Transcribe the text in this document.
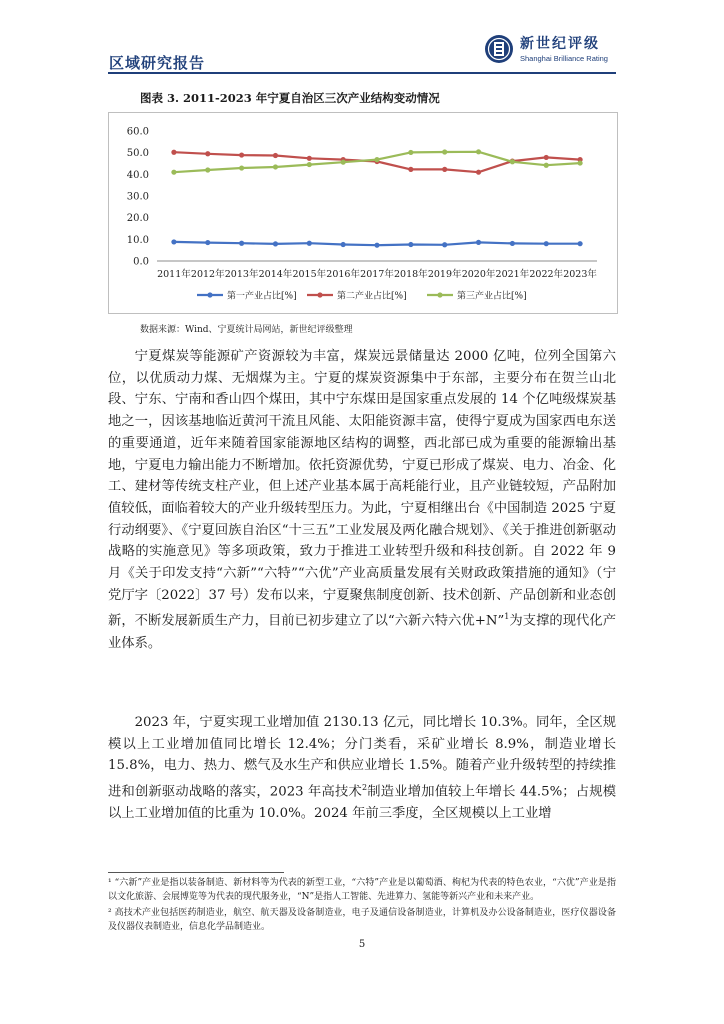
区域研究报告
新世纪评级
Shanghai Brilliance Rating
图表 3. 2011-2023 年宁夏自治区三次产业结构变动情况
0.0
10.0
20.0
30.0
40.0
50.0
60.0
2011年 2012年 2013年 2014年 2015年 2016年 2017年 2018年 2019年 2020年 2021年 2022年 2023年
第一产业占比[%]	第二产业占比[%]	第三产业占比[%]
数据来源：Wind、宁夏统计局网站，新世纪评级整理

宁夏煤炭等能源矿产资源较为丰富，煤炭远景储量达 2000 亿吨，位列全国第六位，以优质动力煤、无烟煤为主。宁夏的煤炭资源集中于东部，主要分布在贺兰山北段、宁东、宁南和香山四个煤田，其中宁东煤田是国家重点发展的 14 个亿吨级煤炭基地之一，因该基地临近黄河干流且风能、太阳能资源丰富，使得宁夏成为国家西电东送的重要通道，近年来随着国家能源地区结构的调整，西北部已成为重要的能源输出基地，宁夏电力输出能力不断增加。依托资源优势，宁夏已形成了煤炭、电力、冶金、化工、建材等传统支柱产业，但上述产业基本属于高耗能行业，且产业链较短，产品附加值较低，面临着较大的产业升级转型压力。为此，宁夏相继出台《中国制造 2025 宁夏行动纲要》、《宁夏回族自治区“十三五”工业发展及两化融合规划》、《关于推进创新驱动战略的实施意见》等多项政策，致力于推进工业转型升级和科技创新。自 2022 年 9 月《关于印发支持“六新”“六特”“六优”产业高质量发展有关财政政策措施的通知》（宁党厅字〔2022〕37 号）发布以来，宁夏聚焦制度创新、技术创新、产品创新和业态创新，不断发展新质生产力，目前已初步建立了以“六新六特六优+N”$^1$为支撑的现代化产业体系。

2023 年，宁夏实现工业增加值 2130.13 亿元，同比增长 10.3%。同年，全区规模以上工业增加值同比增长 12.4%；分门类看，采矿业增长 8.9%，制造业增长 15.8%，电力、热力、燃气及水生产和供应业增长 1.5%。随着产业升级转型的持续推进和创新驱动战略的落实，2023 年高技术$^2$制造业增加值较上年增长 44.5%；占规模以上工业增加值的比重为 10.0%。2024 年前三季度，全区规模以上工业增

¹ “六新”产业是指以装备制造、新材料等为代表的新型工业，“六特”产业是以葡萄酒、枸杞为代表的特色农业，“六优”产业是指以文化旅游、会展博览等为代表的现代服务业，“N”是指人工智能、先进算力、氢能等新兴产业和未来产业。

² 高技术产业包括医药制造业，航空、航天器及设备制造业，电子及通信设备制造业，计算机及办公设备制造业，医疗仪器设备及仪器仪表制造业，信息化学品制造业。

5
